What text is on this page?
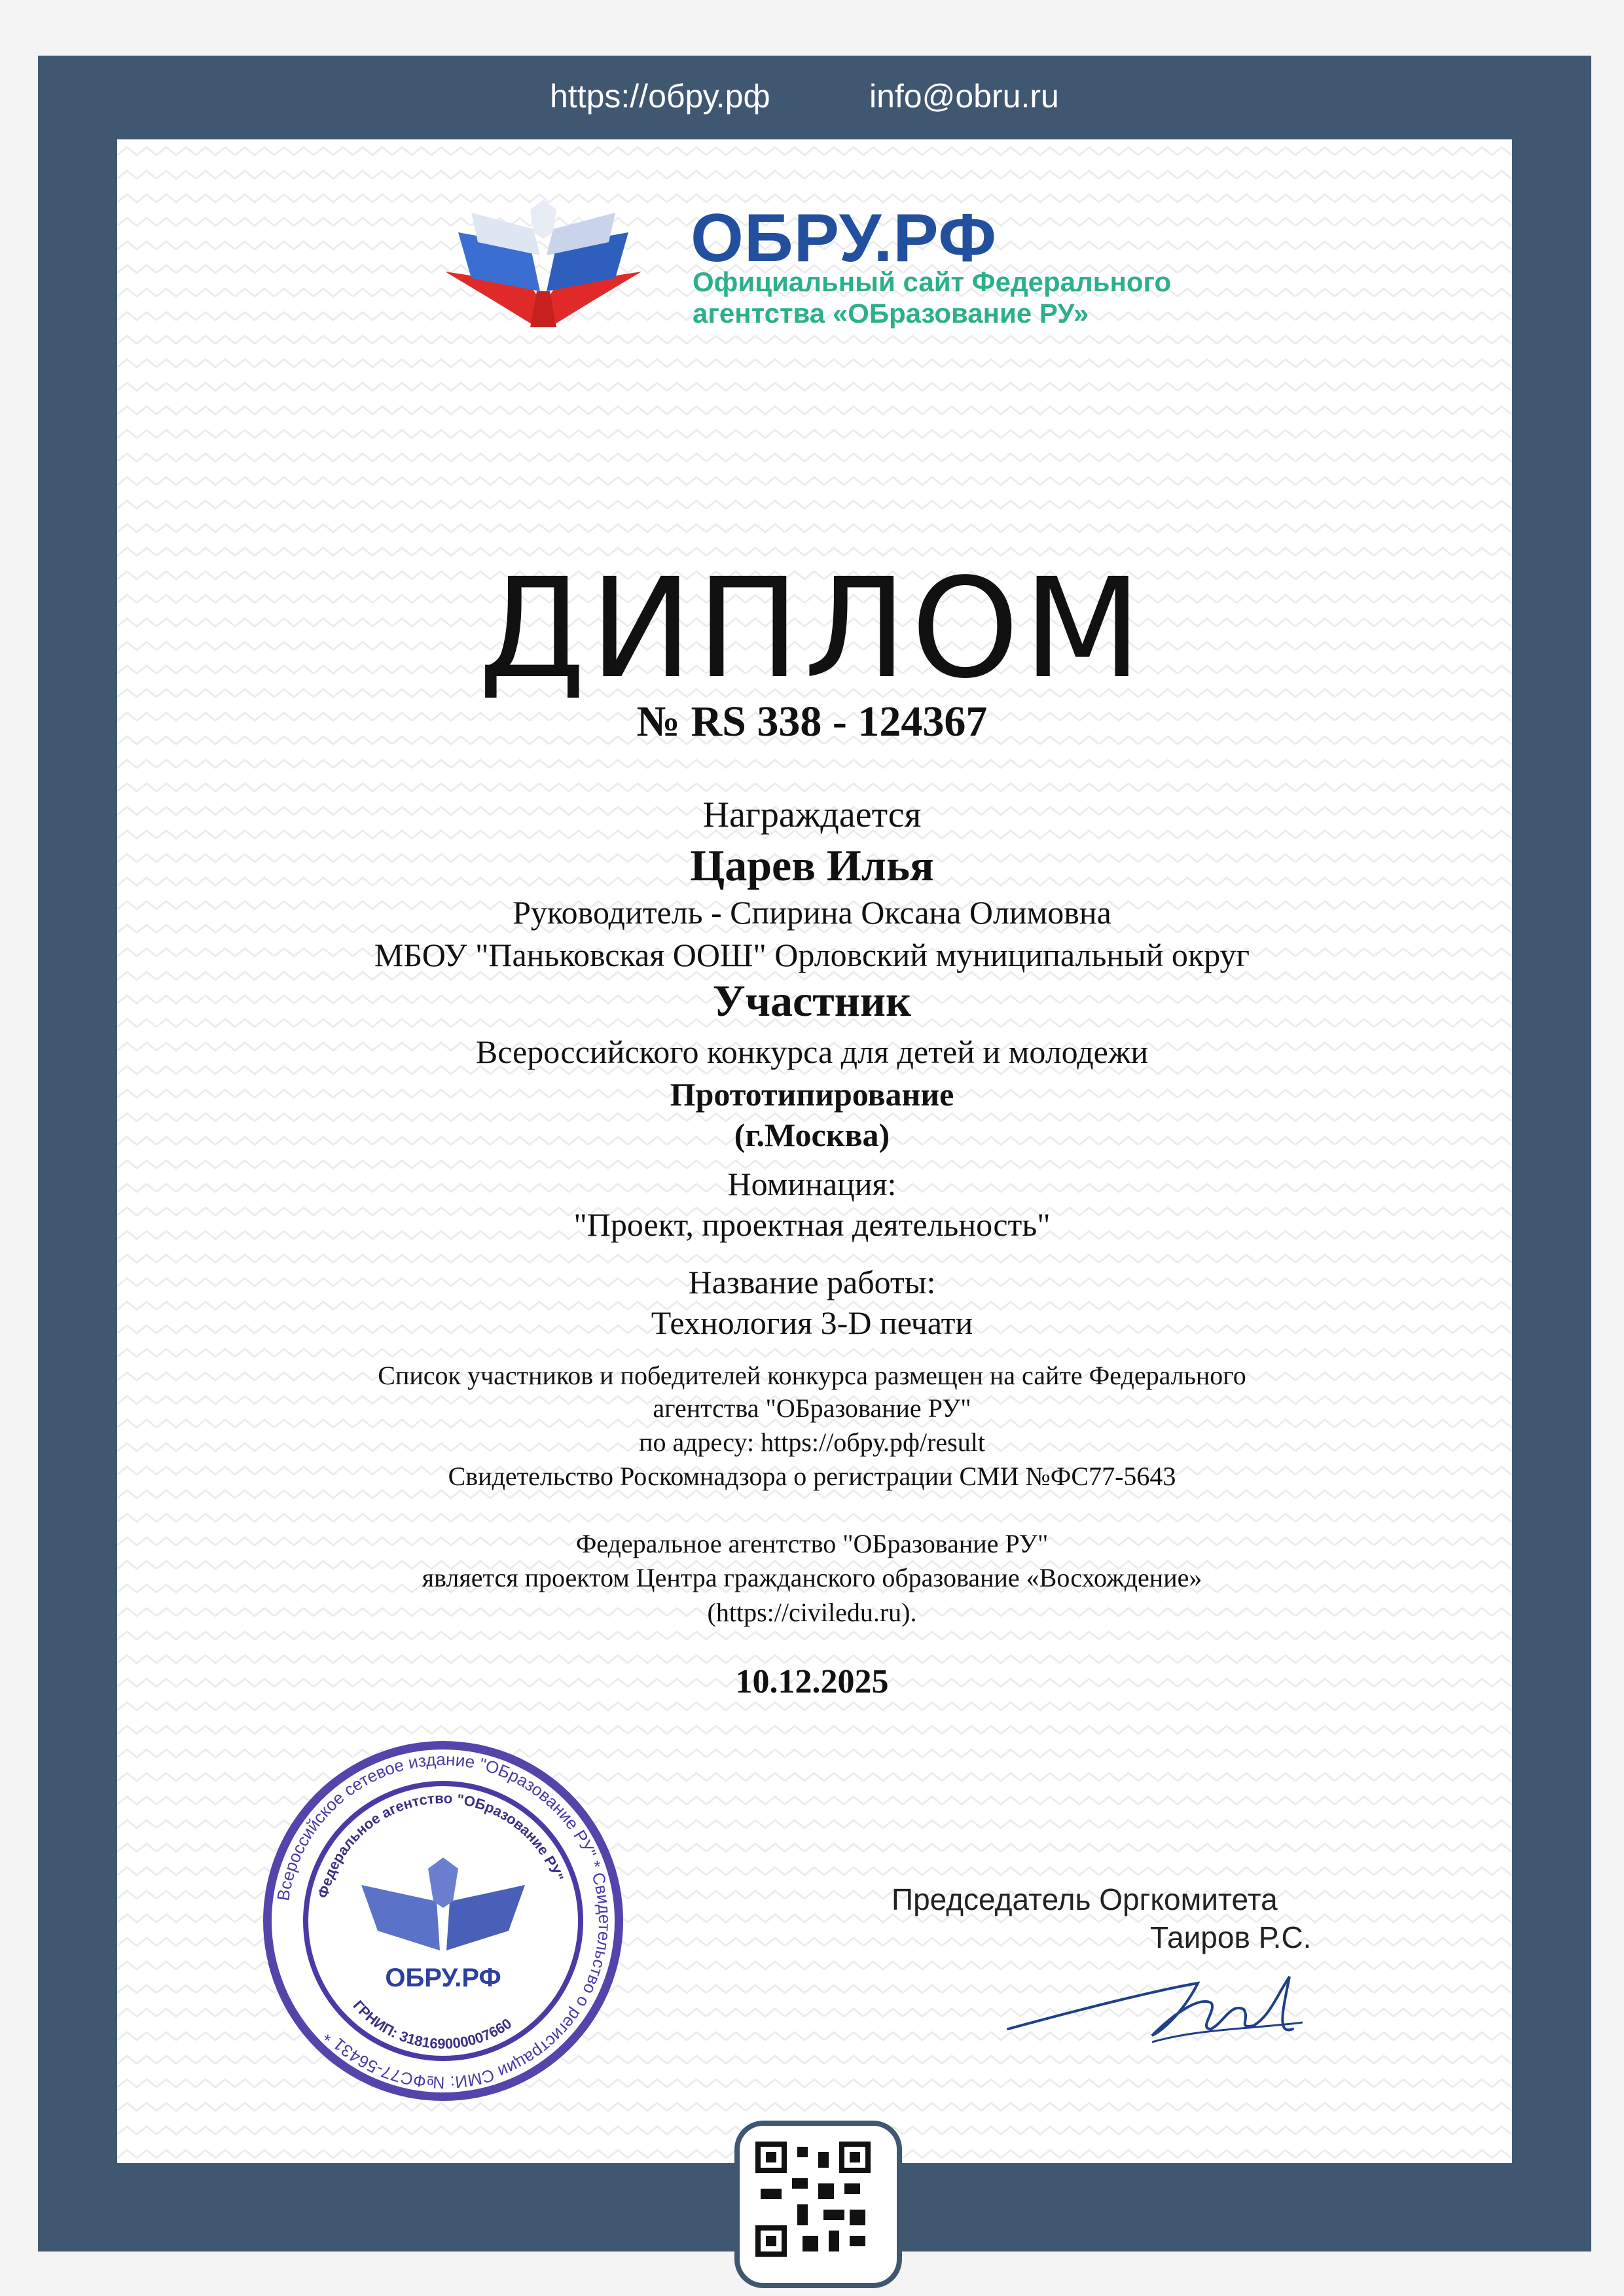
https://обру.рф	info@obru.ru
ОБРУ.РФ
Официальный сайт Федерального
агентства «ОБразование РУ»
ДИПЛОМ
№ RS 338 - 124367
Награждается
Царев Илья
Руководитель - Спирина Оксана Олимовна
МБОУ "Паньковская ООШ" Орловский муниципальный округ
Участник
Всероссийского конкурса для детей и молодежи
Прототипирование
(г.Москва)
Номинация:
"Проект, проектная деятельность"
Название работы:
Технология 3-D печати
Список участников и победителей конкурса размещен на сайте Федерального
агентства "ОБразование РУ"
по адресу: https://обру.рф/result
Свидетельство Роскомнадзора о регистрации СМИ №ФС77-5643
Федеральное агентство "ОБразование РУ"
является проектом Центра гражданского образование «Восхождение»
(https://civiledu.ru).
10.12.2025
Всероссийское сетевое издание "ОБразование РУ" * Свидетельство о регистрации СМИ: №ФС77-56431 *
Федеральное агентство "ОБразование РУ"
ГРНИП: 318169000007660
ОБРУ.РФ
Председатель Оргкомитета
Таиров Р.С.
